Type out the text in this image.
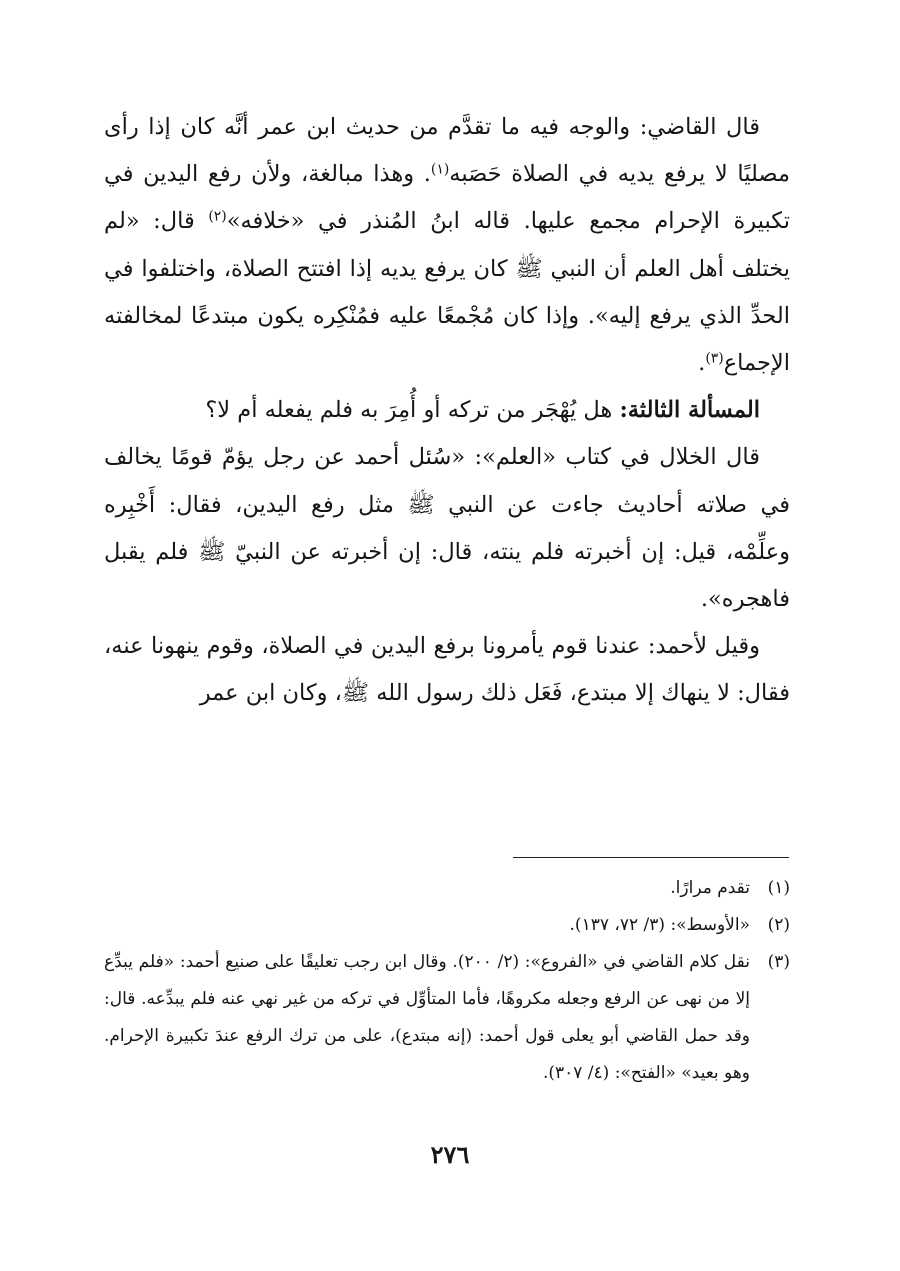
قال القاضي: والوجه فيه ما تقدَّم من حديث ابن عمر أنَّه كان إذا رأى مصليًا لا يرفع يديه في الصلاة حَصَبه$^{(١)}$. وهذا مبالغة، ولأن رفع اليدين في تكبيرة الإحرام مجمع عليها. قاله ابنُ المُنذر في «خلافه»$^{(٢)}$ قال: «لم يختلف أهل العلم أن النبي ﷺ كان يرفع يديه إذا افتتح الصلاة، واختلفوا في الحدِّ الذي يرفع إليه». وإذا كان مُجْمعًا عليه فمُنْكِره يكون مبتدعًا لمخالفته الإجماع$^{(٣)}$.

المسألة الثالثة: هل يُهْجَر من تركه أو أُمِرَ به فلم يفعله أم لا؟

قال الخلال في كتاب «العلم»: «سُئل أحمد عن رجل يؤمّ قومًا يخالف في صلاته أحاديث جاءت عن النبي ﷺ مثل رفع اليدين، فقال: أَخْبِره وعلِّمْه، قيل: إن أخبرته فلم ينته، قال: إن أخبرته عن النبيّ ﷺ فلم يقبل فاهجره».

وقيل لأحمد: عندنا قوم يأمرونا برفع اليدين في الصلاة، وقوم ينهونا عنه، فقال: لا ينهاك إلا مبتدع، فَعَل ذلك رسول الله ﷺ، وكان ابن عمر

(١)
تقدم مرارًا.
(٢)
«الأوسط»: (٣/ ٧٢، ١٣٧).
(٣)
نقل كلام القاضي في «الفروع»: (٢/ ٢٠٠). وقال ابن رجب تعليقًا على صنيع أحمد: «فلم يبدِّع إلا من نهى عن الرفع وجعله مكروهًا، فأما المتأوِّل في تركه من غير نهي عنه فلم يبدِّعه. قال: وقد حمل القاضي أبو يعلى قول أحمد: (إنه مبتدع)، على من ترك الرفع عندَ تكبيرة الإحرام. وهو بعيد» «الفتح»: (٤/ ٣٠٧).
٢٧٦
